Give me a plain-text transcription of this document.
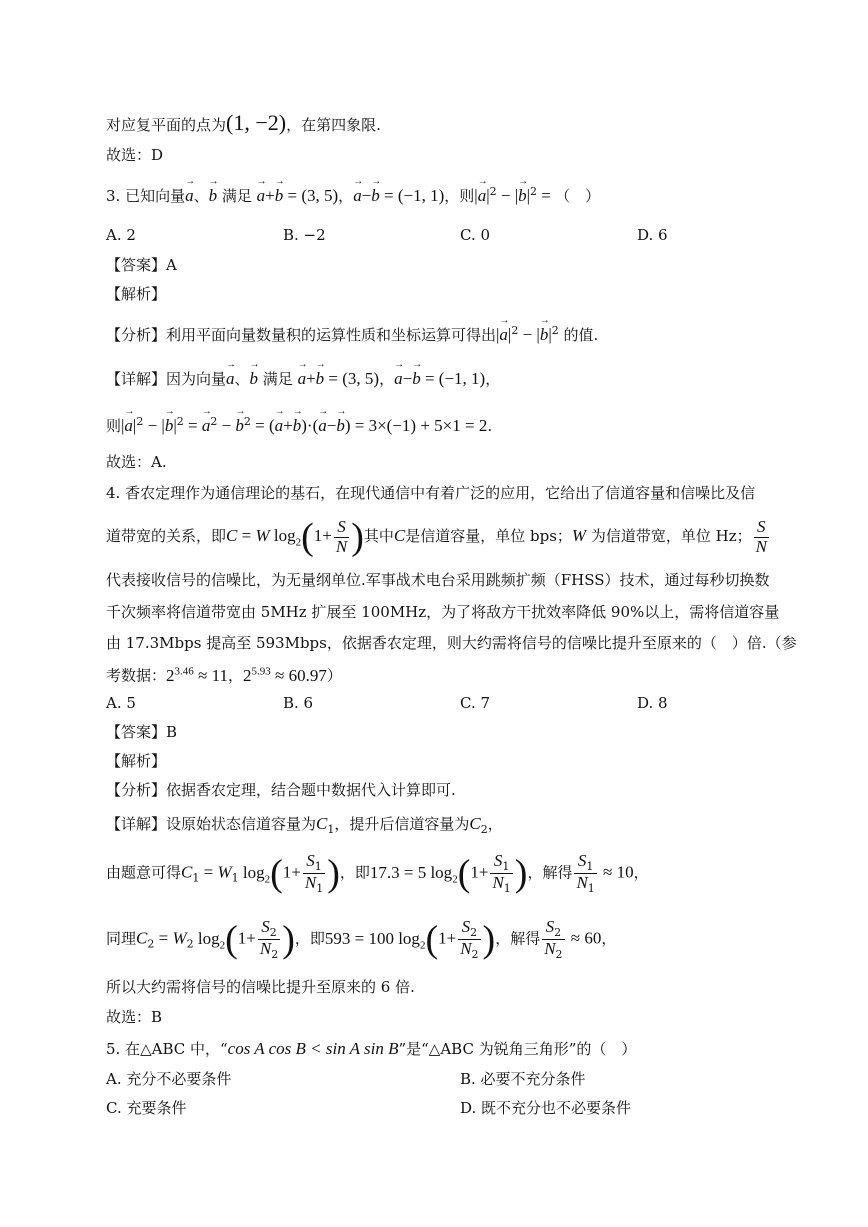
对应复平面的点为(1, −2)，在第四象限.
故选：D
3. 已知向量→ a、→ b 满足 → a+→ b = (3, 5)，→ a−→ b = (−1, 1)，则|→ $a|^2$ − |→ $b|^2$ = （　）
A. 2	B. −2	C. 0	D. 6
【答案】A
【解析】
【分析】利用平面向量数量积的运算性质和坐标运算可得出|→ $a|^2$ − |→ $b|^2$ 的值.
【详解】因为向量→ a、→ b 满足 → a+→ b = (3, 5)，→ a−→ b = (−1, 1)，
则|→ $a|^2$ − |→ $b|^2$ = → $a^2$ − → $b^2$ = (→ a+→ b)·(→ a−→ b) = 3×(−1) + 5×1 = 2.
故选：A.
4. 香农定理作为通信理论的基石，在现代通信中有着广泛的应用，它给出了信道容量和信噪比及信
道带宽的关系，即C = W $\log_2(1+ \frac{S}{N}$ )其中C是信道容量，单位 bps；W 为信道带宽，单位 Hz； $\frac{S}{N}$
代表接收信号的信噪比，为无量纲单位.军事战术电台采用跳频扩频（FHSS）技术，通过每秒切换数
千次频率将信道带宽由 5MHz 扩展至 100MHz，为了将敌方干扰效率降低 90%以上，需将信道容量
由 17.3Mbps 提高至 593Mbps，依据香农定理，则大约需将信号的信噪比提升至原来的（　）倍.（参
考数据：$2^{3.46} \approx 11$，$2^{5.93} \approx 60.97$）
A. 5	B. 6	C. 7	D. 8
【答案】B
【解析】
【分析】依据香农定理，结合题中数据代入计算即可.
【详解】设原始状态信道容量为$C_1$，提升后信道容量为$C_2$，
由题意可得$C_1 = W_1$ $\log_2(1+ \frac{S_1}{N_1}$ )，即17.3 = 5 $\log_2(1+ \frac{S_1}{N_1}$ )，解得 $\frac{S_1}{N_1} \approx 10$，
同理$C_2 = W_2$ $\log_2(1+ \frac{S_2}{N_2}$ )，即593 = 100 $\log_2(1+ \frac{S_2}{N_2}$ )，解得 $\frac{S_2}{N_2} \approx 60$，
所以大约需将信号的信噪比提升至原来的 6 倍.
故选：B
5. 在△ABC 中，“cos A cos B < sin A sin B”是“△ABC 为锐角三角形”的（　）
A. 充分不必要条件	B. 必要不充分条件
C. 充要条件	D. 既不充分也不必要条件
